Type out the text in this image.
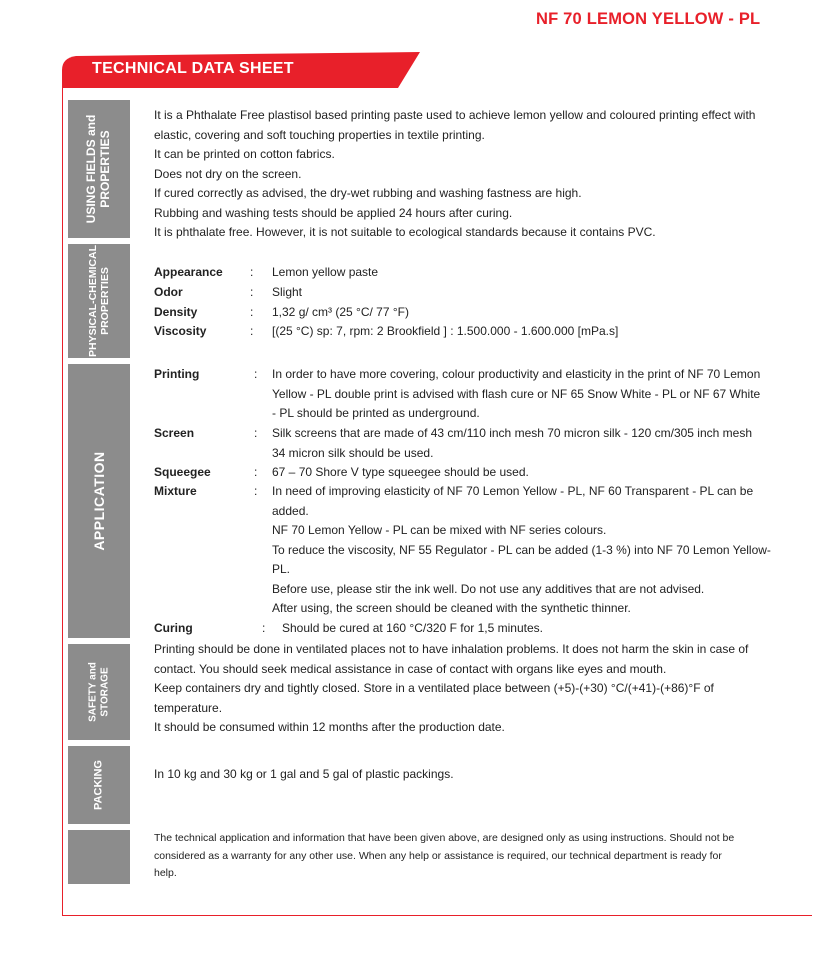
NF 70 LEMON YELLOW - PL
TECHNICAL DATA SHEET
USING FIELDS and PROPERTIES
PHYSICAL-CHEMICAL PROPERTIES
APPLICATION
SAFETY and STORAGE
PACKING

It is a Phthalate Free plastisol based printing paste used to achieve lemon yellow and coloured printing effect with

elastic, covering and soft touching properties in textile printing.

It can be printed on cotton fabrics.

Does not dry on the screen.

If cured correctly as advised, the dry-wet rubbing and washing fastness are high.

Rubbing and washing tests should be applied 24 hours after curing.

It is phthalate free. However, it is not suitable to ecological standards because it contains PVC.

Appearance : Lemon yellow paste
Odor	: Slight
Density	: 1,32 g/ cm³ (25 °C/ 77 °F)
Viscosity	: [(25 °C) sp: 7, rpm: 2 Brookfield ] : 1.500.000 - 1.600.000 [mPa.s]
Printing	: In order to have more covering, colour productivity and elasticity in the print of NF 70 Lemon

Yellow - PL double print is advised with flash cure or NF 65 Snow White - PL or NF 67 White

- PL should be printed as underground.

Screen	: Silk screens that are made of 43 cm/110 inch mesh 70 micron silk - 120 cm/305 inch mesh

34 micron silk should be used.

Squeegee	: 67 – 70 Shore V type squeegee should be used.
Mixture	: In need of improving elasticity of NF 70 Lemon Yellow - PL, NF 60 Transparent - PL can be

added.

NF 70 Lemon Yellow - PL can be mixed with NF series colours.

To reduce the viscosity, NF 55 Regulator - PL can be added (1-3 %) into NF 70 Lemon Yellow-

PL.

Before use, please stir the ink well. Do not use any additives that are not advised.

After using, the screen should be cleaned with the synthetic thinner.

Curing	: Should be cured at 160 °C/320 F for 1,5 minutes.

Printing should be done in ventilated places not to have inhalation problems. It does not harm the skin in case of

contact. You should seek medical assistance in case of contact with organs like eyes and mouth.

Keep containers dry and tightly closed. Store in a ventilated place between (+5)-(+30) °C/(+41)-(+86)°F of

temperature.

It should be consumed within 12 months after the production date.

In 10 kg and 30 kg or 1 gal and 5 gal of plastic packings.
The technical application and information that have been given above, are designed only as using instructions. Should not be
considered as a warranty for any other use. When any help or assistance is required, our technical department is ready for
help.
